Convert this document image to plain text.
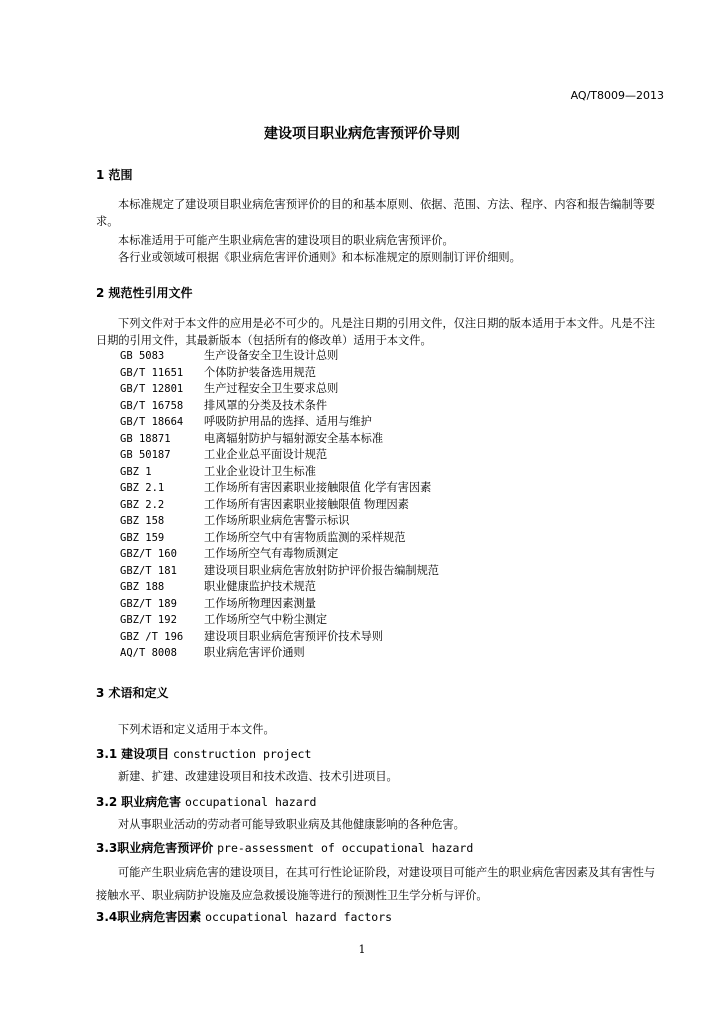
AQ/T8009—2013
建设项目职业病危害预评价导则
1 范围
本标准规定了建设项目职业病危害预评价的目的和基本原则、依据、范围、方法、程序、内容和报告编制等要求。
本标准适用于可能产生职业病危害的建设项目的职业病危害预评价。
各行业或领域可根据《职业病危害评价通则》和本标准规定的原则制订评价细则。
2 规范性引用文件
下列文件对于本文件的应用是必不可少的。凡是注日期的引用文件，仅注日期的版本适用于本文件。凡是不注日期的引用文件，其最新版本（包括所有的修改单）适用于本文件。
GB 5083	生产设备安全卫生设计总则
GB/T 11651 个体防护装备选用规范
GB/T 12801 生产过程安全卫生要求总则
GB/T 16758 排风罩的分类及技术条件
GB/T 18664 呼吸防护用品的选择、适用与维护
GB 18871	电离辐射防护与辐射源安全基本标准
GB 50187	工业企业总平面设计规范
GBZ 1	工业企业设计卫生标准
GBZ 2.1	工作场所有害因素职业接触限值 化学有害因素
GBZ 2.2	工作场所有害因素职业接触限值 物理因素
GBZ 158	工作场所职业病危害警示标识
GBZ 159	工作场所空气中有害物质监测的采样规范
GBZ/T 160 工作场所空气有毒物质测定
GBZ/T 181 建设项目职业病危害放射防护评价报告编制规范
GBZ 188	职业健康监护技术规范
GBZ/T 189 工作场所物理因素测量
GBZ/T 192 工作场所空气中粉尘测定
GBZ /T 196 建设项目职业病危害预评价技术导则
AQ/T 8008 职业病危害评价通则
3 术语和定义
下列术语和定义适用于本文件。
3.1 建设项目 construction project
新建、扩建、改建建设项目和技术改造、技术引进项目。
3.2 职业病危害 occupational hazard
对从事职业活动的劳动者可能导致职业病及其他健康影响的各种危害。
3.3职业病危害预评价 pre-assessment of occupational hazard
可能产生职业病危害的建设项目，在其可行性论证阶段，对建设项目可能产生的职业病危害因素及其有害性与接触水平、职业病防护设施及应急救援设施等进行的预测性卫生学分析与评价。
3.4职业病危害因素 occupational hazard factors
1
